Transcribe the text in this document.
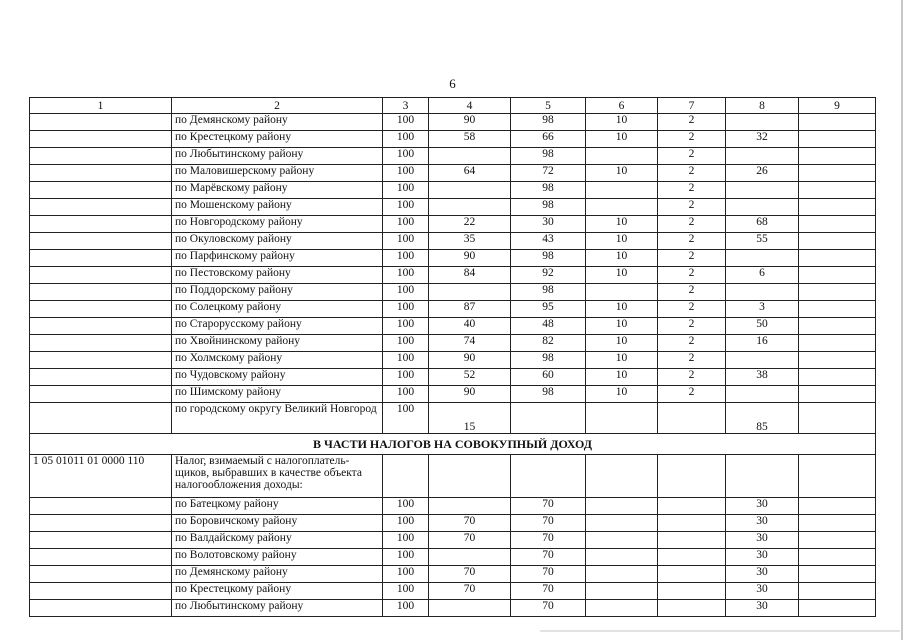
6
1	2	3	4	5	6	7	8	9
	по Демянскому району	100	90	98	10	2		
	по Крестецкому району	100	58	66	10	2	32	
	по Любытинскому району	100		98		2		
	по Маловишерскому району	100	64	72	10	2	26	
	по Марёвскому району	100		98		2		
	по Мошенскому району	100		98		2		
	по Новгородскому району	100	22	30	10	2	68	
	по Окуловскому району	100	35	43	10	2	55	
	по Парфинскому району	100	90	98	10	2		
	по Пестовскому району	100	84	92	10	2	6	
	по Поддорскому району	100		98		2		
	по Солецкому району	100	87	95	10	2	3	
	по Старорусскому району	100	40	48	10	2	50	
	по Хвойнинскому району	100	74	82	10	2	16	
	по Холмскому району	100	90	98	10	2		
	по Чудовскому району	100	52	60	10	2	38	
	по Шимскому району	100	90	98	10	2		
	по городскому округу Великий Новгород	100	15				85	
В ЧАСТИ НАЛОГОВ НА СОВОКУПНЫЙ ДОХОД								
1 05 01011 01 0000 110	Налог, взимаемый с налогоплатель-щиков, выбравших в качестве объекта налогообложения доходы:							
	по Батецкому району	100		70			30	
	по Боровичскому району	100	70	70			30	
	по Валдайскому району	100	70	70			30	
	по Волотовскому району	100		70			30	
	по Демянскому району	100	70	70			30	
	по Крестецкому району	100	70	70			30	
	по Любытинскому району	100		70			30	
